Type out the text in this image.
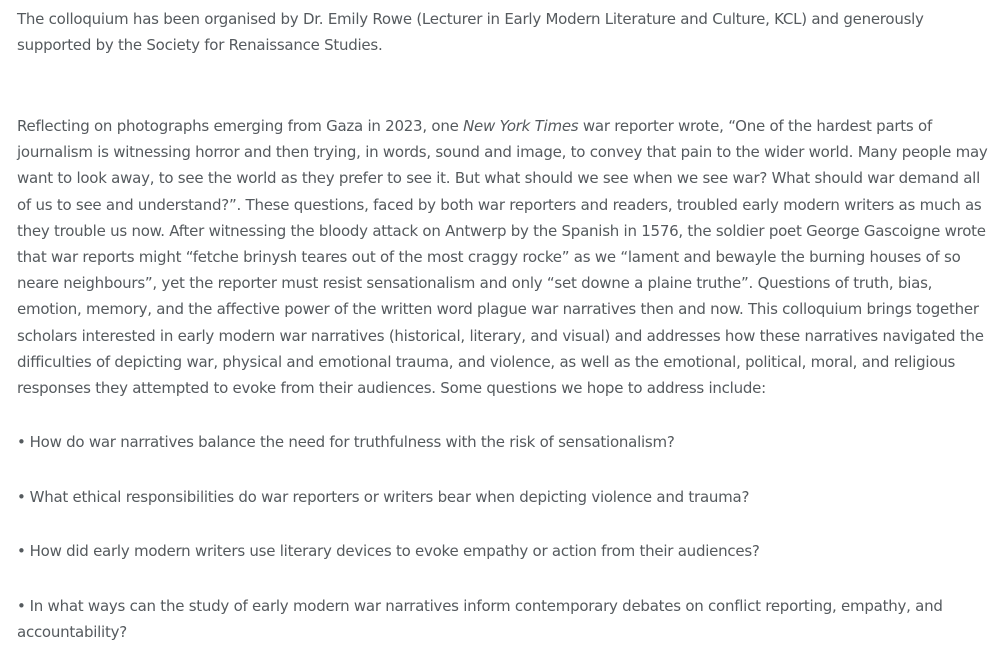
The colloquium has been organised by Dr. Emily Rowe (Lecturer in Early Modern Literature and Culture, KCL) and generously supported by the Society for Renaissance Studies.

Reflecting on photographs emerging from Gaza in 2023, one New York Times war reporter wrote, “One of the hardest parts of journalism is witnessing horror and then trying, in words, sound and image, to convey that pain to the wider world. Many people may want to look away, to see the world as they prefer to see it. But what should we see when we see war? What should war demand all of us to see and understand?”. These questions, faced by both war reporters and readers, troubled early modern writers as much as they trouble us now. After witnessing the bloody attack on Antwerp by the Spanish in 1576, the soldier poet George Gascoigne wrote that war reports might “fetche brinysh teares out of the most craggy rocke” as we “lament and bewayle the burning houses of so neare neighbours”, yet the reporter must resist sensationalism and only “set downe a plaine truthe”. Questions of truth, bias, emotion, memory, and the affective power of the written word plague war narratives then and now. This colloquium brings together scholars interested in early modern war narratives (historical, literary, and visual) and addresses how these narratives navigated the difficulties of depicting war, physical and emotional trauma, and violence, as well as the emotional, political, moral, and religious responses they attempted to evoke from their audiences. Some questions we hope to address include:

• How do war narratives balance the need for truthfulness with the risk of sensationalism?

• What ethical responsibilities do war reporters or writers bear when depicting violence and trauma?

• How did early modern writers use literary devices to evoke empathy or action from their audiences?

• In what ways can the study of early modern war narratives inform contemporary debates on conflict reporting, empathy, and accountability?
